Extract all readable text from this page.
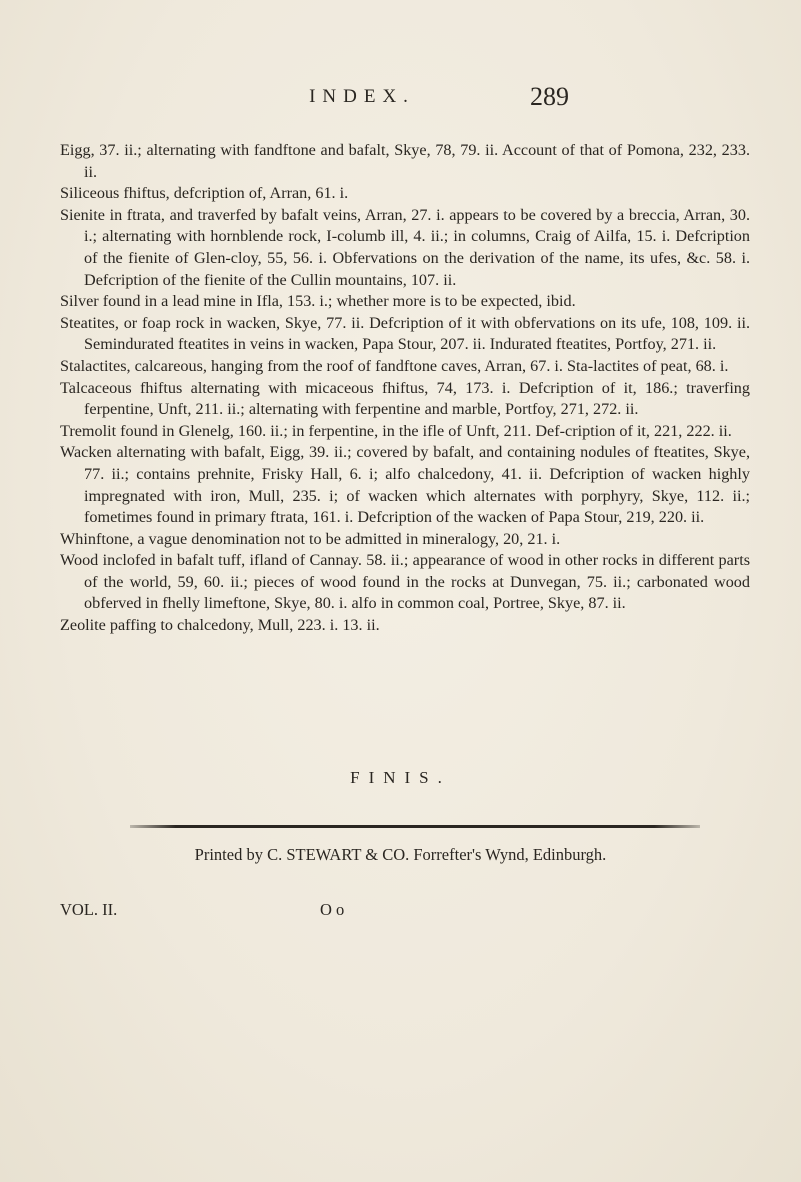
INDEX.	289

Eigg, 37. ii.; alternating with fandftone and bafalt, Skye, 78, 79. ii. Account of that of Pomona, 232, 233. ii.

Siliceous fhiftus, defcription of, Arran, 61. i.

Sienite in ftrata, and traverfed by bafalt veins, Arran, 27. i. appears to be covered by a breccia, Arran, 30. i.; alternating with hornblende rock, I-columb ill, 4. ii.; in columns, Craig of Ailfa, 15. i. Defcription of the fienite of Glen-cloy, 55, 56. i. Obfervations on the derivation of the name, its ufes, &c. 58. i. Defcription of the fienite of the Cullin mountains, 107. ii.

Silver found in a lead mine in Ifla, 153. i.; whether more is to be expected, ibid.

Steatites, or foap rock in wacken, Skye, 77. ii. Defcription of it with obfervations on its ufe, 108, 109. ii. Semindurated fteatites in veins in wacken, Papa Stour, 207. ii. Indurated fteatites, Portfoy, 271. ii.

Stalactites, calcareous, hanging from the roof of fandftone caves, Arran, 67. i. Sta-lactites of peat, 68. i.

Talcaceous fhiftus alternating with micaceous fhiftus, 74, 173. i. Defcription of it, 186.; traverfing ferpentine, Unft, 211. ii.; alternating with ferpentine and marble, Portfoy, 271, 272. ii.

Tremolit found in Glenelg, 160. ii.; in ferpentine, in the ifle of Unft, 211. Def-cription of it, 221, 222. ii.

Wacken alternating with bafalt, Eigg, 39. ii.; covered by bafalt, and containing nodules of fteatites, Skye, 77. ii.; contains prehnite, Frisky Hall, 6. i; alfo chalcedony, 41. ii. Defcription of wacken highly impregnated with iron, Mull, 235. i; of wacken which alternates with porphyry, Skye, 112. ii.; fometimes found in primary ftrata, 161. i. Defcription of the wacken of Papa Stour, 219, 220. ii.

Whinftone, a vague denomination not to be admitted in mineralogy, 20, 21. i.

Wood inclofed in bafalt tuff, ifland of Cannay. 58. ii.; appearance of wood in other rocks in different parts of the world, 59, 60. ii.; pieces of wood found in the rocks at Dunvegan, 75. ii.; carbonated wood obferved in fhelly limeftone, Skye, 80. i. alfo in common coal, Portree, Skye, 87. ii.

Zeolite paffing to chalcedony, Mull, 223. i. 13. ii.

FINIS.
Printed by C. STEWART & CO. Forrefter's Wynd, Edinburgh.
VOL. II.	O o
